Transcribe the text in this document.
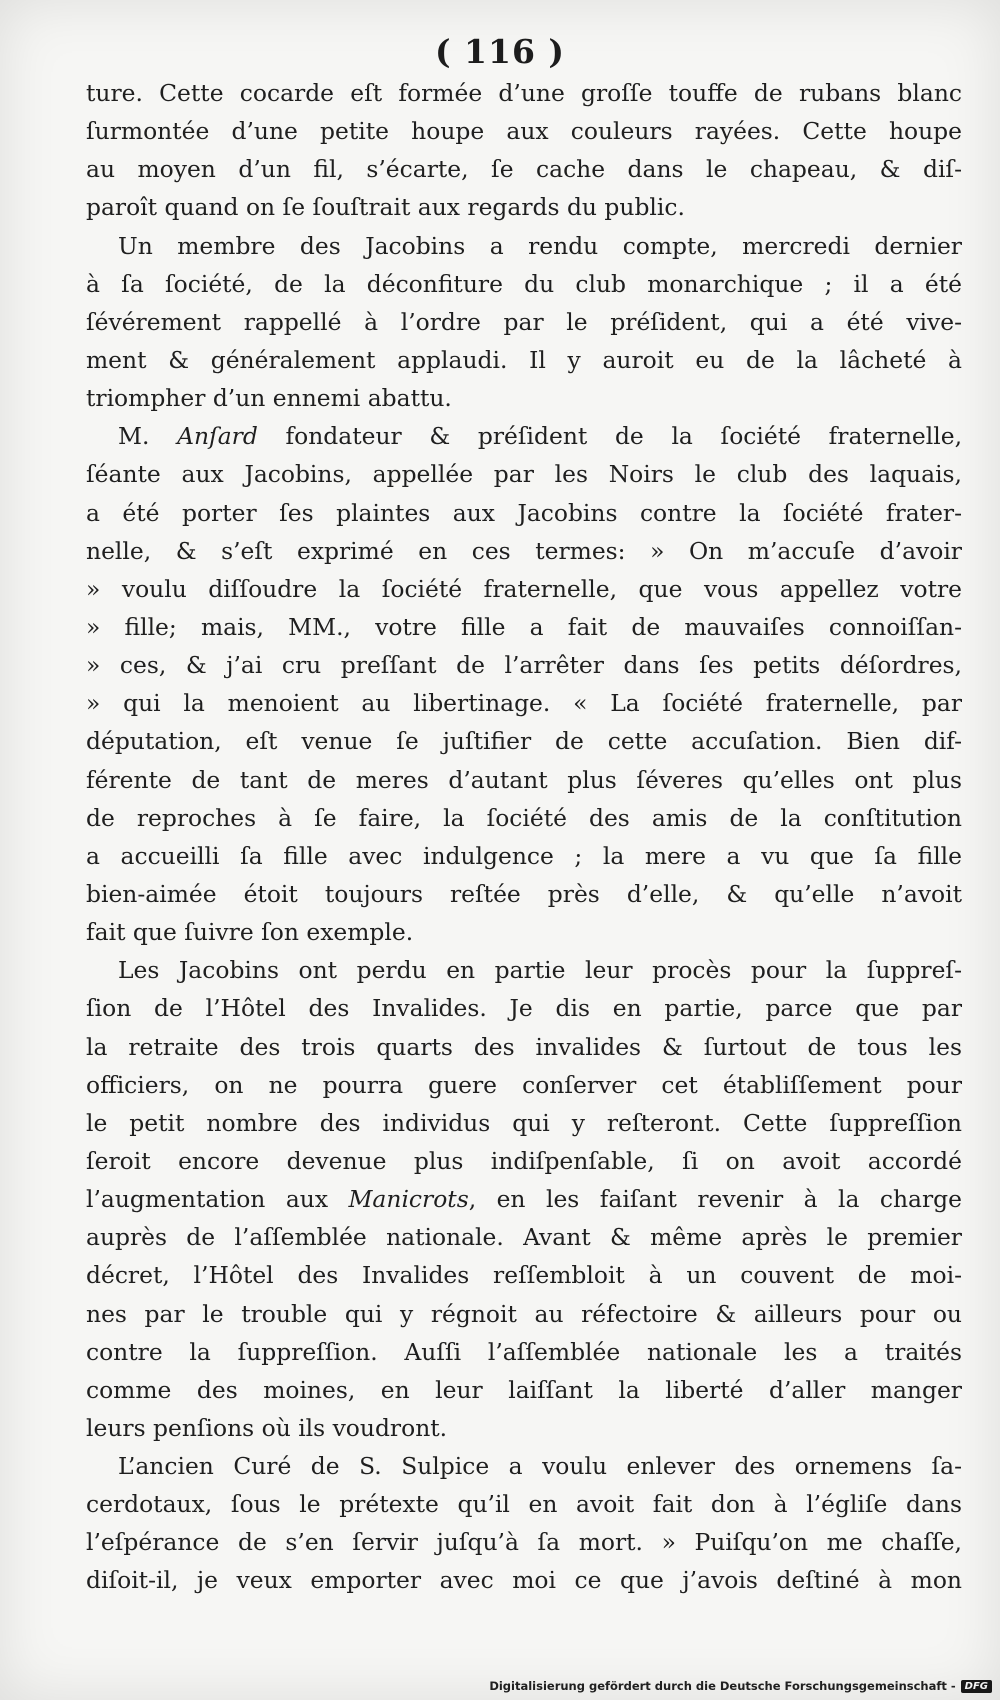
( 116 )
ture. Cette cocarde eſt formée d’une groſſe touffe de rubans blanc
ſurmontée d’une petite houpe aux couleurs rayées. Cette houpe
au moyen d’un fil, s’écarte, ſe cache dans le chapeau, & diſ-
paroît quand on ſe ſouſtrait aux regards du public.
Un membre des Jacobins a rendu compte, mercredi dernier
à ſa ſociété, de la déconfiture du club monarchique ; il a été
ſévérement rappellé à l’ordre par le préſident, qui a été vive-
ment & généralement applaudi. Il y auroit eu de la lâcheté à
triompher d’un ennemi abattu.
M. Anſard fondateur & préſident de la ſociété fraternelle,
ſéante aux Jacobins, appellée par les Noirs le club des laquais,
a été porter ſes plaintes aux Jacobins contre la ſociété frater-
nelle, & s’eſt exprimé en ces termes: » On m’accuſe d’avoir
» voulu diſſoudre la ſociété fraternelle, que vous appellez votre
» fille; mais, MM., votre fille a fait de mauvaiſes connoiſſan-
» ces, & j’ai cru preſſant de l’arrêter dans ſes petits déſordres,
» qui la menoient au libertinage. « La ſociété fraternelle, par
députation, eſt venue ſe juſtifier de cette accuſation. Bien dif-
férente de tant de meres d’autant plus ſéveres qu’elles ont plus
de reproches à ſe faire, la ſociété des amis de la conſtitution
a accueilli ſa fille avec indulgence ; la mere a vu que ſa fille
bien-aimée étoit toujours reſtée près d’elle, & qu’elle n’avoit
fait que ſuivre ſon exemple.
Les Jacobins ont perdu en partie leur procès pour la ſuppreſ-
ſion de l’Hôtel des Invalides. Je dis en partie, parce que par
la retraite des trois quarts des invalides & ſurtout de tous les
officiers, on ne pourra guere conſerver cet établiſſement pour
le petit nombre des individus qui y reſteront. Cette ſuppreſſion
ſeroit encore devenue plus indiſpenſable, ſi on avoit accordé
l’augmentation aux Manicrots, en les faiſant revenir à la charge
auprès de l’aſſemblée nationale. Avant & même après le premier
décret, l’Hôtel des Invalides reſſembloit à un couvent de moi-
nes par le trouble qui y régnoit au réfectoire & ailleurs pour ou
contre la ſuppreſſion. Auſſi l’aſſemblée nationale les a traités
comme des moines, en leur laiſſant la liberté d’aller manger
leurs penſions où ils voudront.
L’ancien Curé de S. Sulpice a voulu enlever des ornemens ſa-
cerdotaux, ſous le prétexte qu’il en avoit fait don à l’égliſe dans
l’eſpérance de s’en ſervir juſqu’à ſa mort. » Puiſqu’on me chaſſe,
diſoit-il, je veux emporter avec moi ce que j’avois deſtiné à mon
Digitalisierung gefördert durch die Deutsche Forschungsgemeinschaft - DFG
